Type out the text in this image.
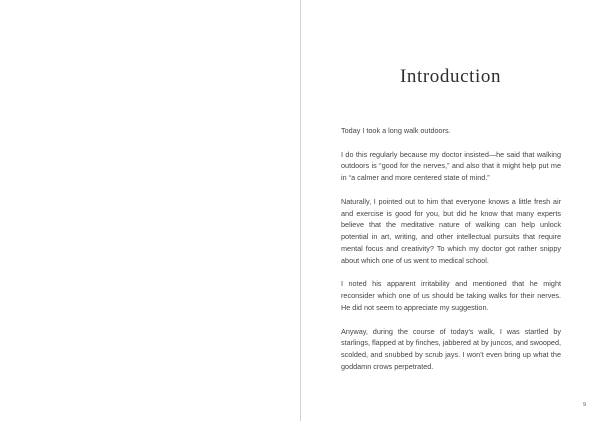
Introduction

Today I took a long walk outdoors.

I do this regularly because my doctor insisted—he said that walking outdoors is “good for the nerves,” and also that it might help put me in “a calmer and more centered state of mind.”

Naturally, I pointed out to him that everyone knows a little fresh air and exercise is good for you, but did he know that many experts believe that the meditative nature of walking can help unlock potential in art, writing, and other intellectual pursuits that require mental focus and creativity? To which my doctor got rather snippy about which one of us went to medical school.

I noted his apparent irritability and mentioned that he might reconsider which one of us should be taking walks for their nerves. He did not seem to appreciate my suggestion.

Anyway, during the course of today’s walk, I was startled by starlings, flapped at by finches, jabbered at by juncos, and swooped, scolded, and snubbed by scrub jays. I won’t even bring up what the goddamn crows perpetrated.

9
